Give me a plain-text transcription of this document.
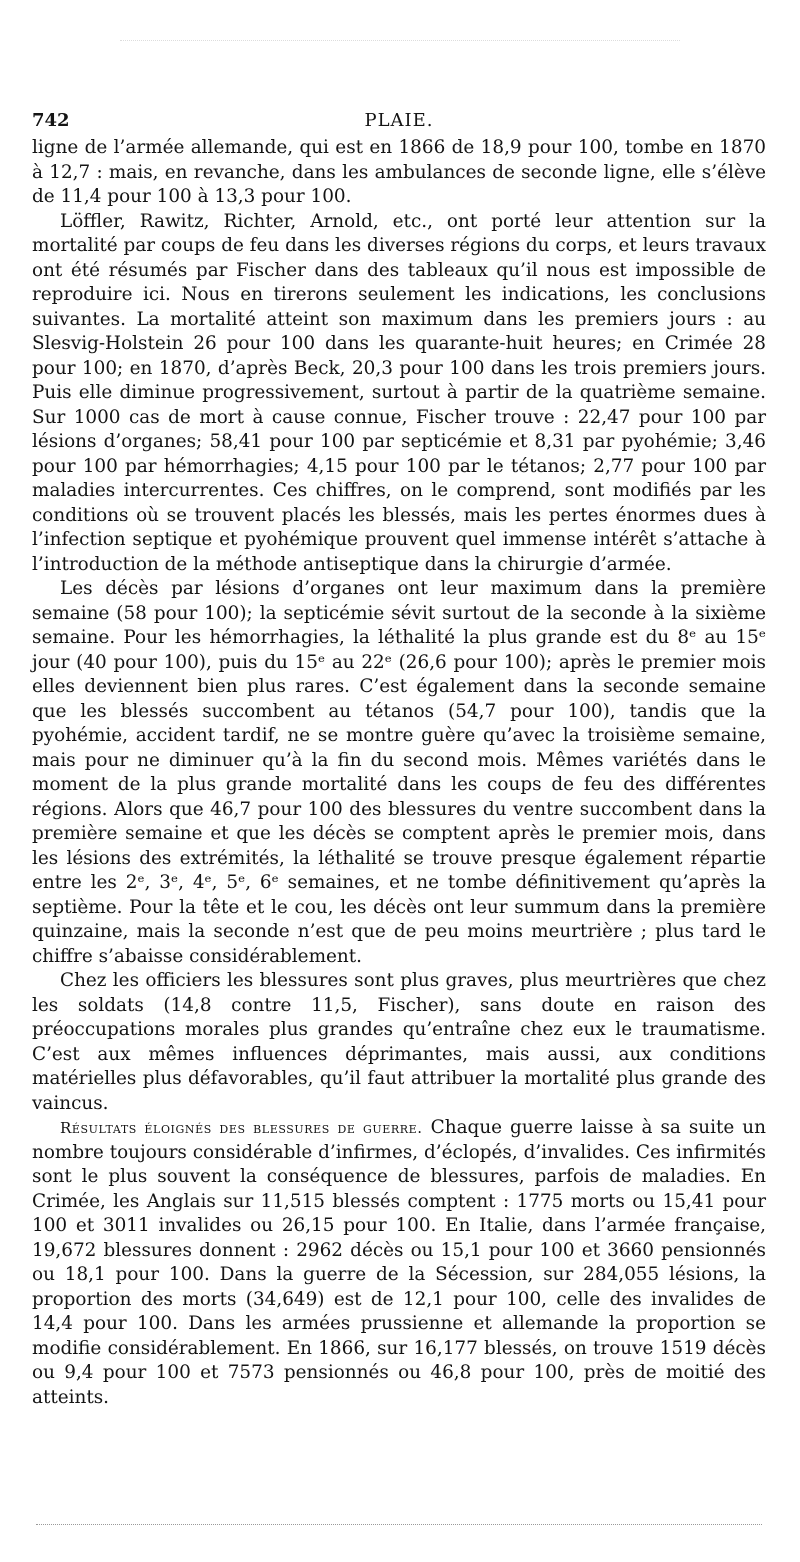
742	PLAIE.

ligne de l’armée allemande, qui est en 1866 de 18,9 pour 100, tombe en 1870 à 12,7 : mais, en revanche, dans les ambulances de seconde ligne, elle s’élève de 11,4 pour 100 à 13,3 pour 100.

Löffler, Rawitz, Richter, Arnold, etc., ont porté leur attention sur la mortalité par coups de feu dans les diverses régions du corps, et leurs travaux ont été résumés par Fischer dans des tableaux qu’il nous est impossible de reproduire ici. Nous en tirerons seulement les indications, les conclusions suivantes. La mortalité atteint son maximum dans les premiers jours : au Slesvig-Holstein 26 pour 100 dans les quarante-huit heures; en Crimée 28 pour 100; en 1870, d’après Beck, 20,3 pour 100 dans les trois premiers jours. Puis elle diminue progressivement, surtout à partir de la quatrième semaine. Sur 1000 cas de mort à cause connue, Fischer trouve : 22,47 pour 100 par lésions d’organes; 58,41 pour 100 par septicémie et 8,31 par pyohémie; 3,46 pour 100 par hémorrhagies; 4,15 pour 100 par le tétanos; 2,77 pour 100 par maladies intercurrentes. Ces chiffres, on le comprend, sont modifiés par les conditions où se trouvent placés les blessés, mais les pertes énormes dues à l’infection septique et pyohémique prouvent quel immense intérêt s’attache à l’introduction de la méthode antiseptique dans la chirurgie d’armée.

Les décès par lésions d’organes ont leur maximum dans la première semaine (58 pour 100); la septicémie sévit surtout de la seconde à la sixième semaine. Pour les hémorrhagies, la léthalité la plus grande est du 8ᵉ au 15ᵉ jour (40 pour 100), puis du 15ᵉ au 22ᵉ (26,6 pour 100); après le premier mois elles deviennent bien plus rares. C’est également dans la seconde semaine que les blessés succombent au tétanos (54,7 pour 100), tandis que la pyohémie, accident tardif, ne se montre guère qu’avec la troisième semaine, mais pour ne diminuer qu’à la fin du second mois. Mêmes variétés dans le moment de la plus grande mortalité dans les coups de feu des différentes régions. Alors que 46,7 pour 100 des blessures du ventre succombent dans la première semaine et que les décès se comptent après le premier mois, dans les lésions des extrémités, la léthalité se trouve presque également répartie entre les 2ᵉ, 3ᵉ, 4ᵉ, 5ᵉ, 6ᵉ semaines, et ne tombe définitivement qu’après la septième. Pour la tête et le cou, les décès ont leur summum dans la première quinzaine, mais la seconde n’est que de peu moins meurtrière ; plus tard le chiffre s’abaisse considérablement.

Chez les officiers les blessures sont plus graves, plus meurtrières que chez les soldats (14,8 contre 11,5, Fischer), sans doute en raison des préoccupations morales plus grandes qu’entraîne chez eux le traumatisme. C’est aux mêmes influences déprimantes, mais aussi, aux conditions matérielles plus défavorables, qu’il faut attribuer la mortalité plus grande des vaincus.

Résultats éloignés des blessures de guerre. Chaque guerre laisse à sa suite un nombre toujours considérable d’infirmes, d’éclopés, d’invalides. Ces infirmités sont le plus souvent la conséquence de blessures, parfois de maladies. En Crimée, les Anglais sur 11,515 blessés comptent : 1775 morts ou 15,41 pour 100 et 3011 invalides ou 26,15 pour 100. En Italie, dans l’armée française, 19,672 blessures donnent : 2962 décès ou 15,1 pour 100 et 3660 pensionnés ou 18,1 pour 100. Dans la guerre de la Sécession, sur 284,055 lésions, la proportion des morts (34,649) est de 12,1 pour 100, celle des invalides de 14,4 pour 100. Dans les armées prussienne et allemande la proportion se modifie considérablement. En 1866, sur 16,177 blessés, on trouve 1519 décès ou 9,4 pour 100 et 7573 pensionnés ou 46,8 pour 100, près de moitié des atteints.
